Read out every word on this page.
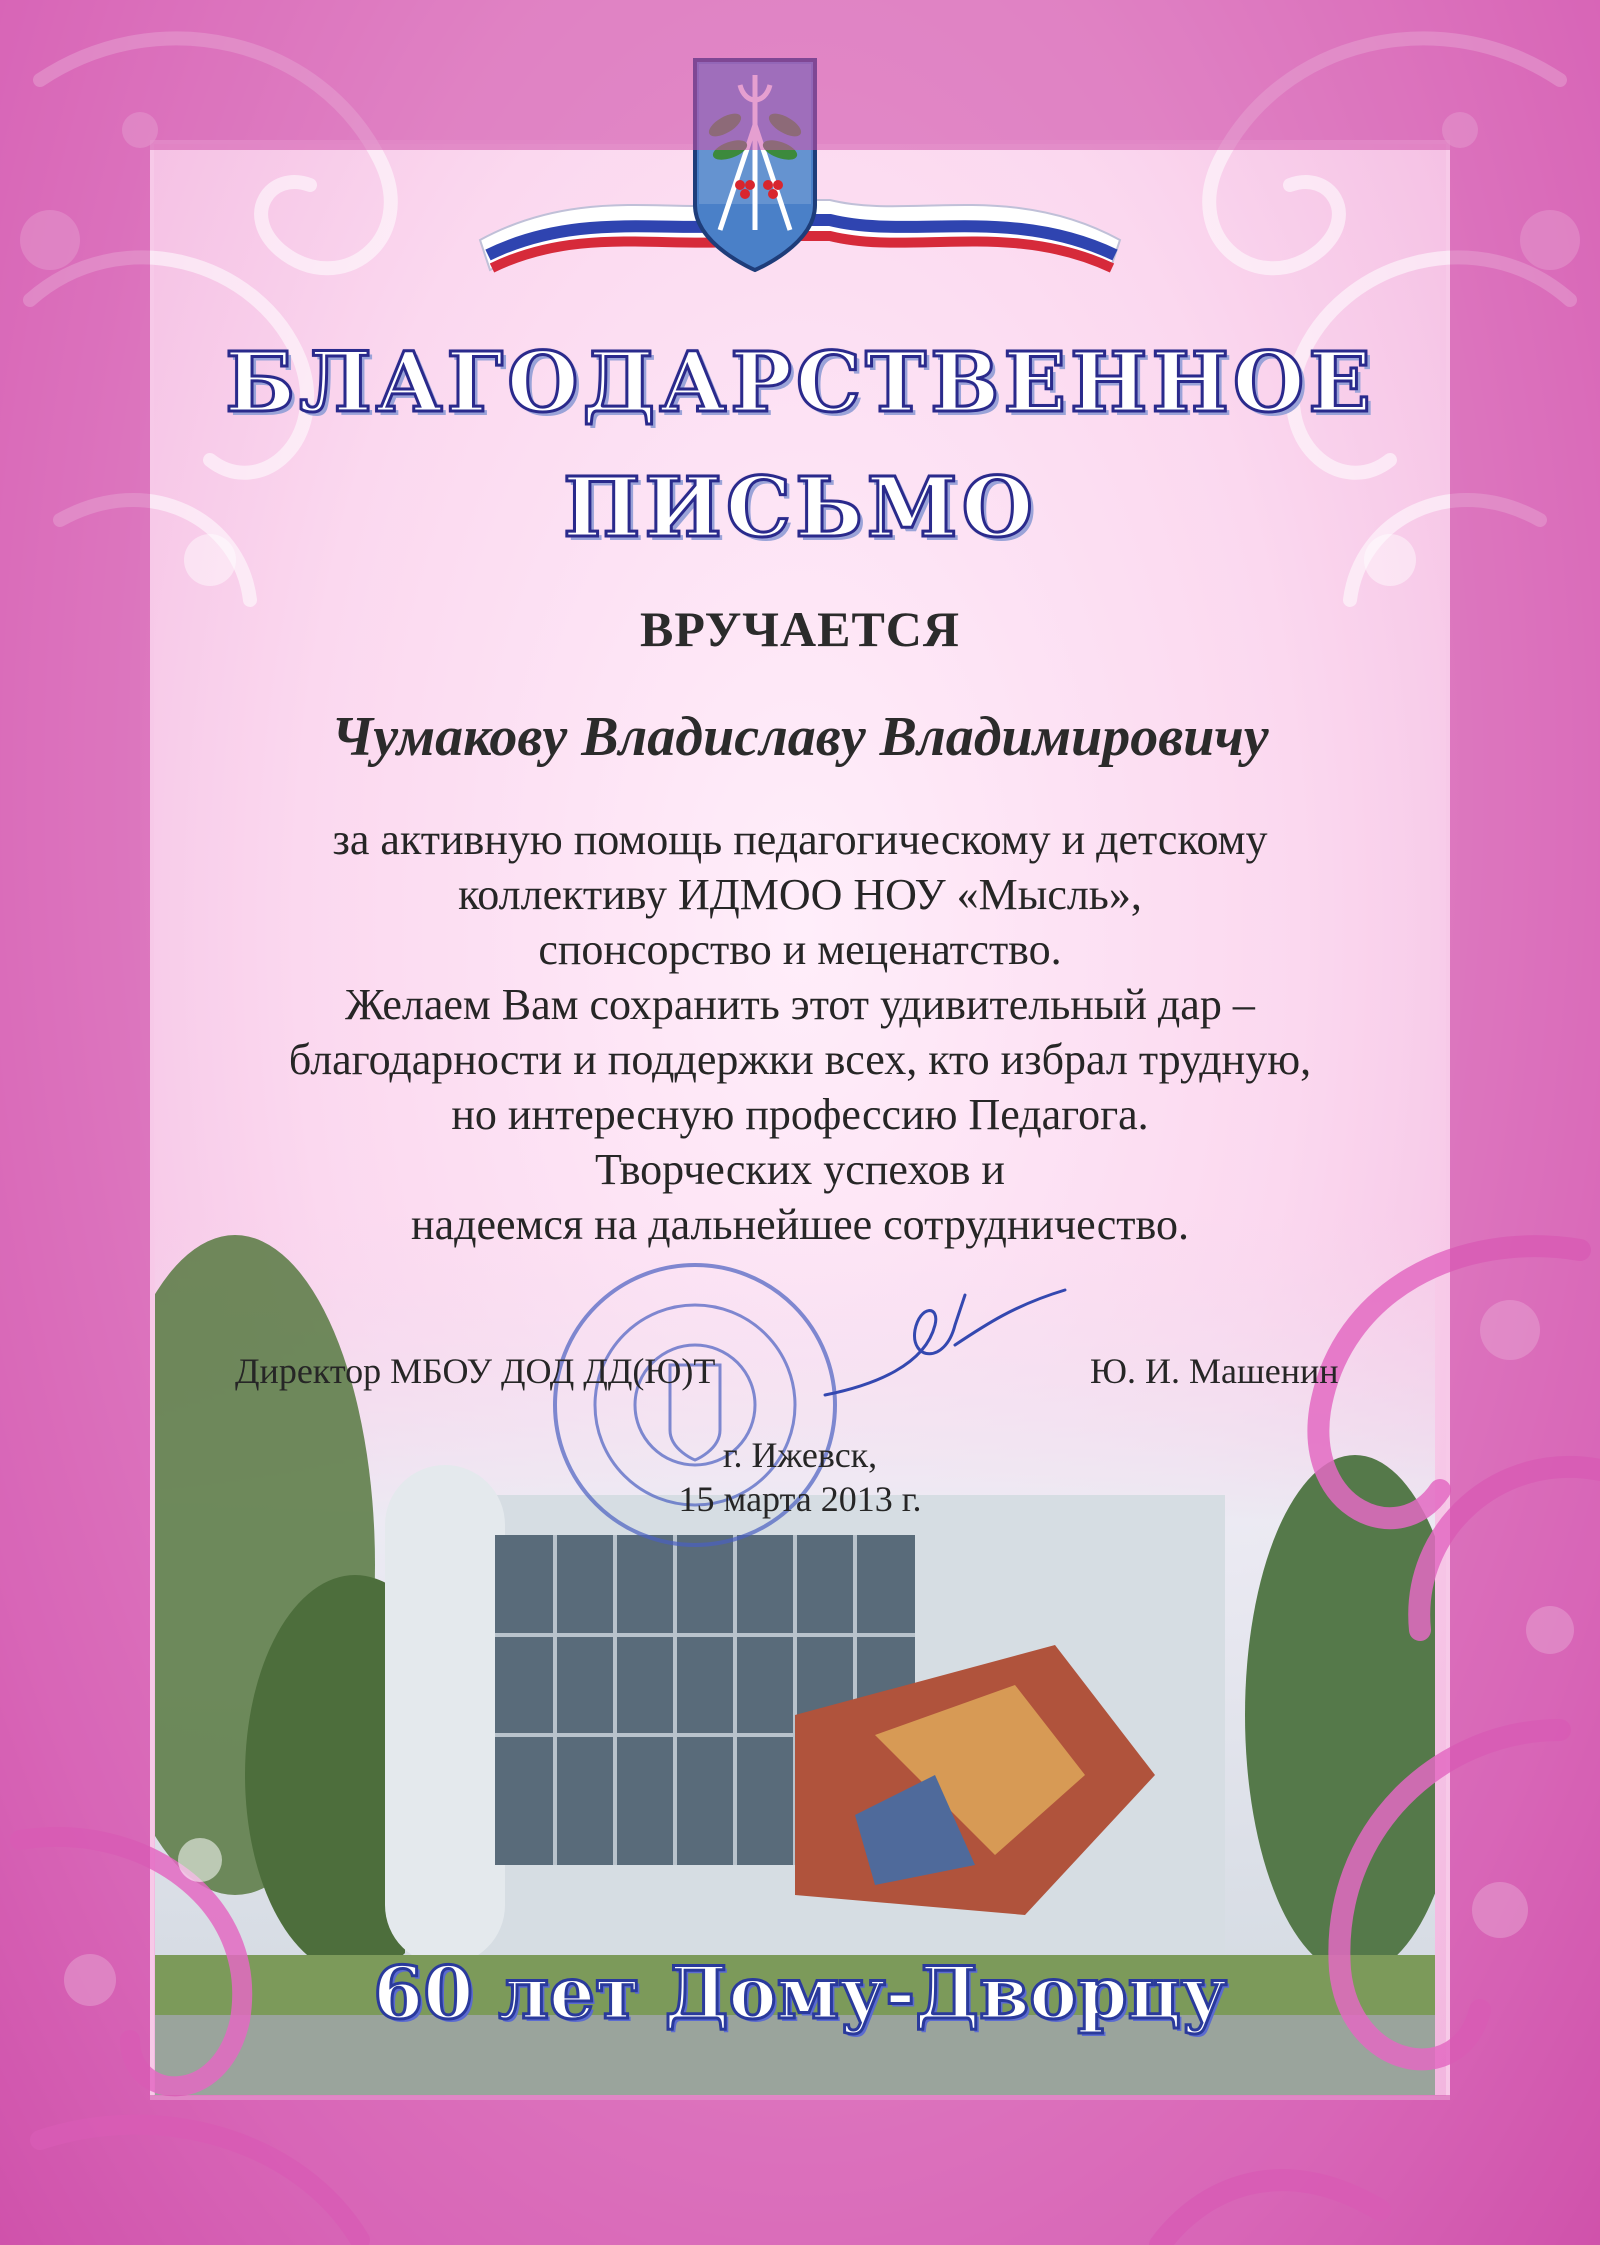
БЛАГОДАРСТВЕННОЕ
ПИСЬМО
ВРУЧАЕТСЯ
Чумакову Владиславу Владимировичу
за активную помощь педагогическому и детскому
коллективу ИДМОО НОУ «Мысль»,
спонсорство и меценатство.
Желаем Вам сохранить этот удивительный дар –
благодарности и поддержки всех, кто избрал трудную,
но интересную профессию Педагога.
Творческих успехов и
надеемся на дальнейшее сотрудничество.
Директор МБОУ ДОД ДД(Ю)Т	Ю. И. Машенин
г. Ижевск,
15 марта 2013 г.
60 лет Дому-Дворцу
